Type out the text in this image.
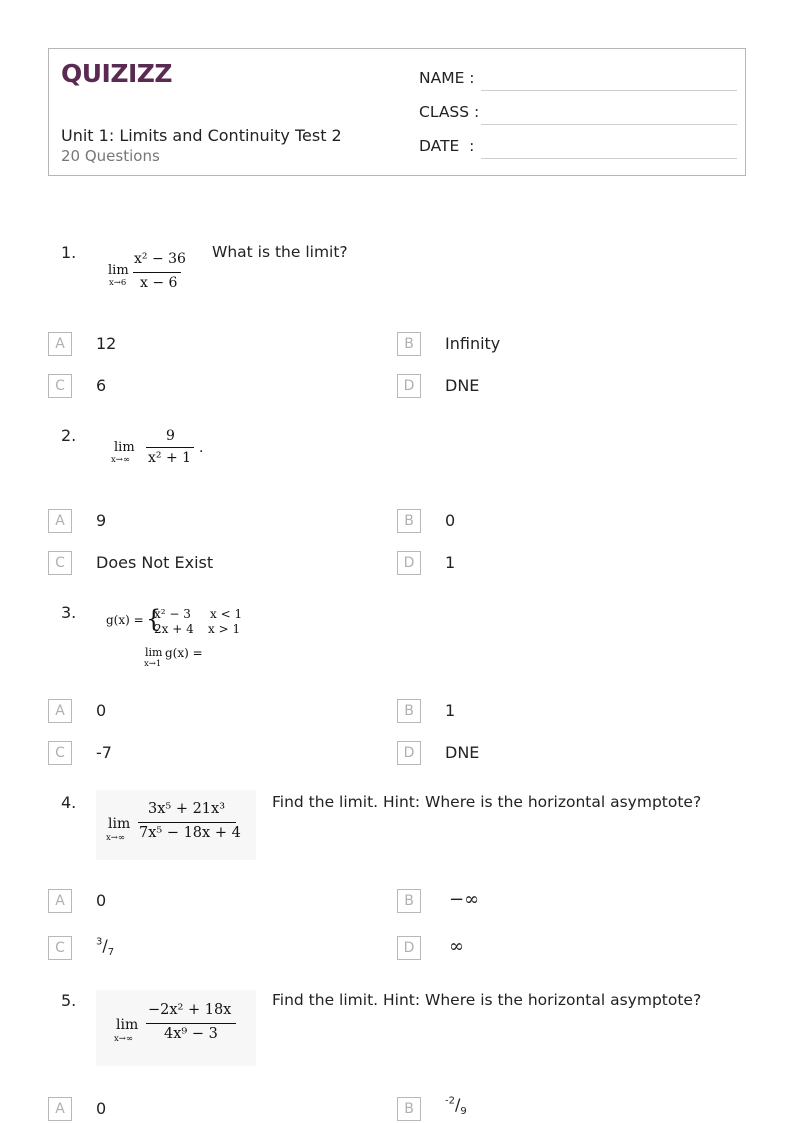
QUIZIZZ
Unit 1: Limits and Continuity Test 2
20 Questions
NAME :
CLASS :
DATE  :
1.
lim
x→6
x² − 36
x − 6
What is the limit?
A	12	B	Infinity
C	6	D	DNE
2.
lim
x→∞
9
x² + 1
.
A	9	B	0
C	Does Not Exist	D	1
3. g(x) = {
x² − 3 x < 1
2x + 4 x > 1
lim
x→1
g(x) =
A	0	B	1
C	-7	D	DNE
4.
lim
x→∞
3x⁵ + 21x³
7x⁵ − 18x + 4
Find the limit. Hint: Where is the horizontal asymptote?
A	0	B	−∞
C	$^3/_7$	D	∞
5.
lim
x→∞
−2x² + 18x
4x⁹ − 3
Find the limit. Hint: Where is the horizontal asymptote?
A	0	B	$^{-2}/_9$
